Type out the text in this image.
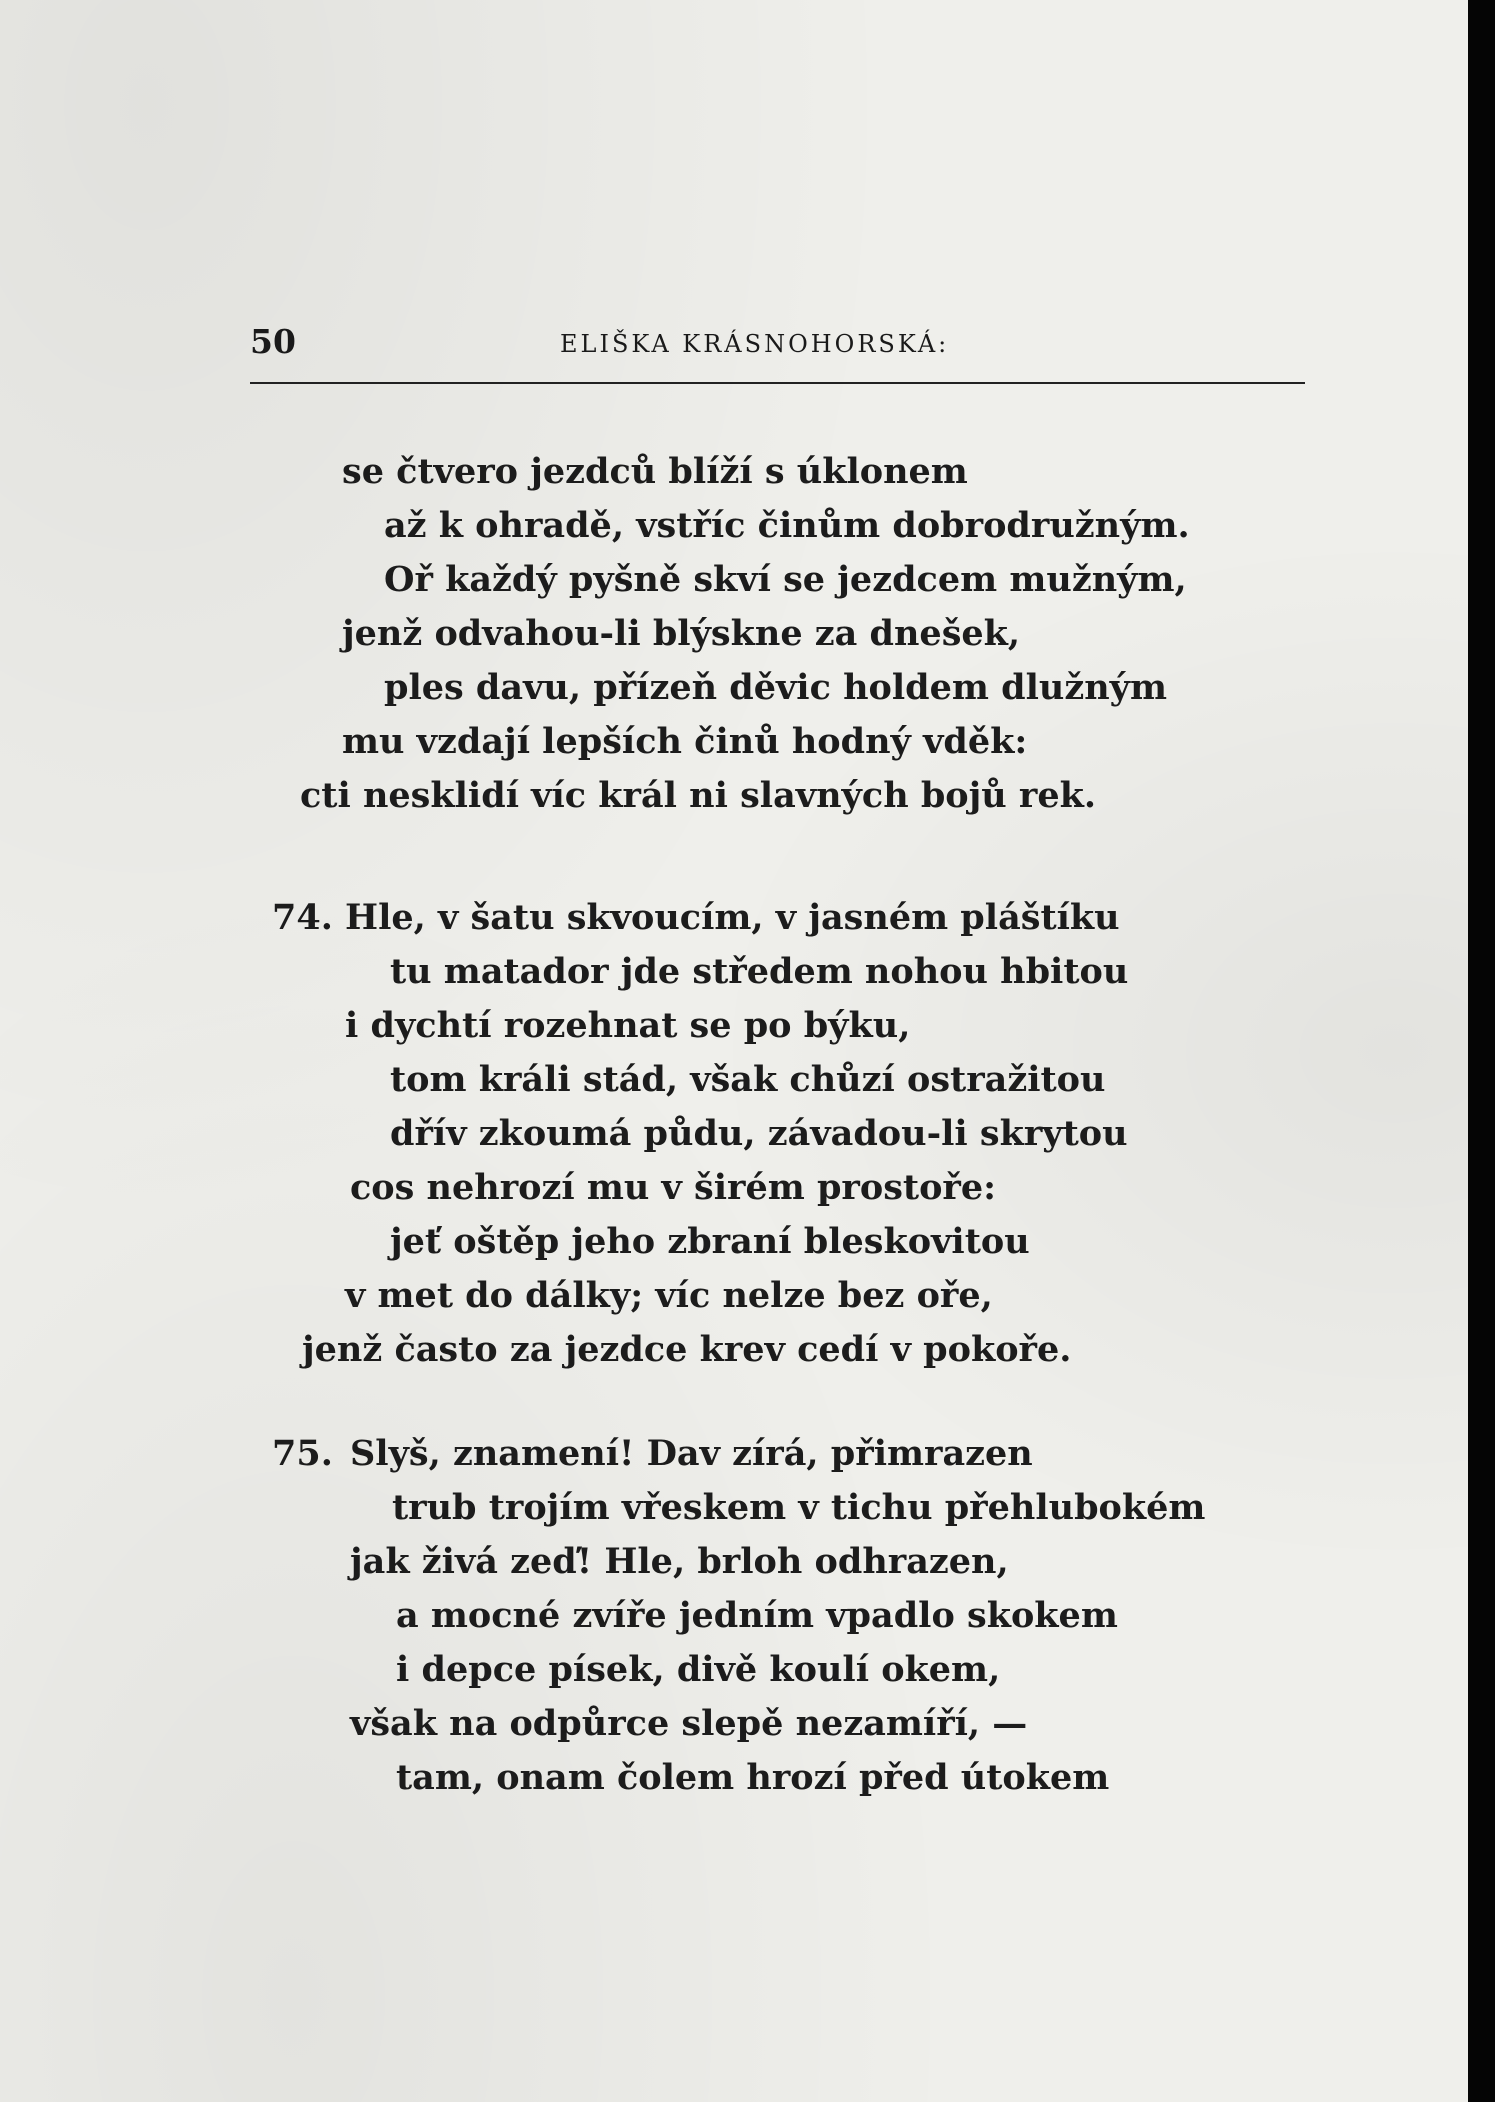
50	ELIŠKA KRÁSNOHORSKÁ:
se čtvero jezdců blíží s úklonem
až k ohradě, vstříc činům dobrodružným.
Oř každý pyšně skví se jezdcem mužným,
jenž odvahou-li blýskne za dnešek,
ples davu, přízeň děvic holdem dlužným
mu vzdají lepších činů hodný vděk:
cti nesklidí víc král ni slavných bojů rek.
74. Hle, v šatu skvoucím, v jasném pláštíku
tu matador jde středem nohou hbitou
i dychtí rozehnat se po býku,
tom králi stád, však chůzí ostražitou
dřív zkoumá půdu, závadou-li skrytou
cos nehrozí mu v širém prostoře:
jeť oštěp jeho zbraní bleskovitou
v met do dálky; víc nelze bez oře,
jenž často za jezdce krev cedí v pokoře.
75. Slyš, znamení! Dav zírá, přimrazen
trub trojím vřeskem v tichu přehlubokém
jak živá zeď! Hle, brloh odhrazen,
a mocné zvíře jedním vpadlo skokem
i depce písek, divě koulí okem,
však na odpůrce slepě nezamíří, —
tam, onam čolem hrozí před útokem
